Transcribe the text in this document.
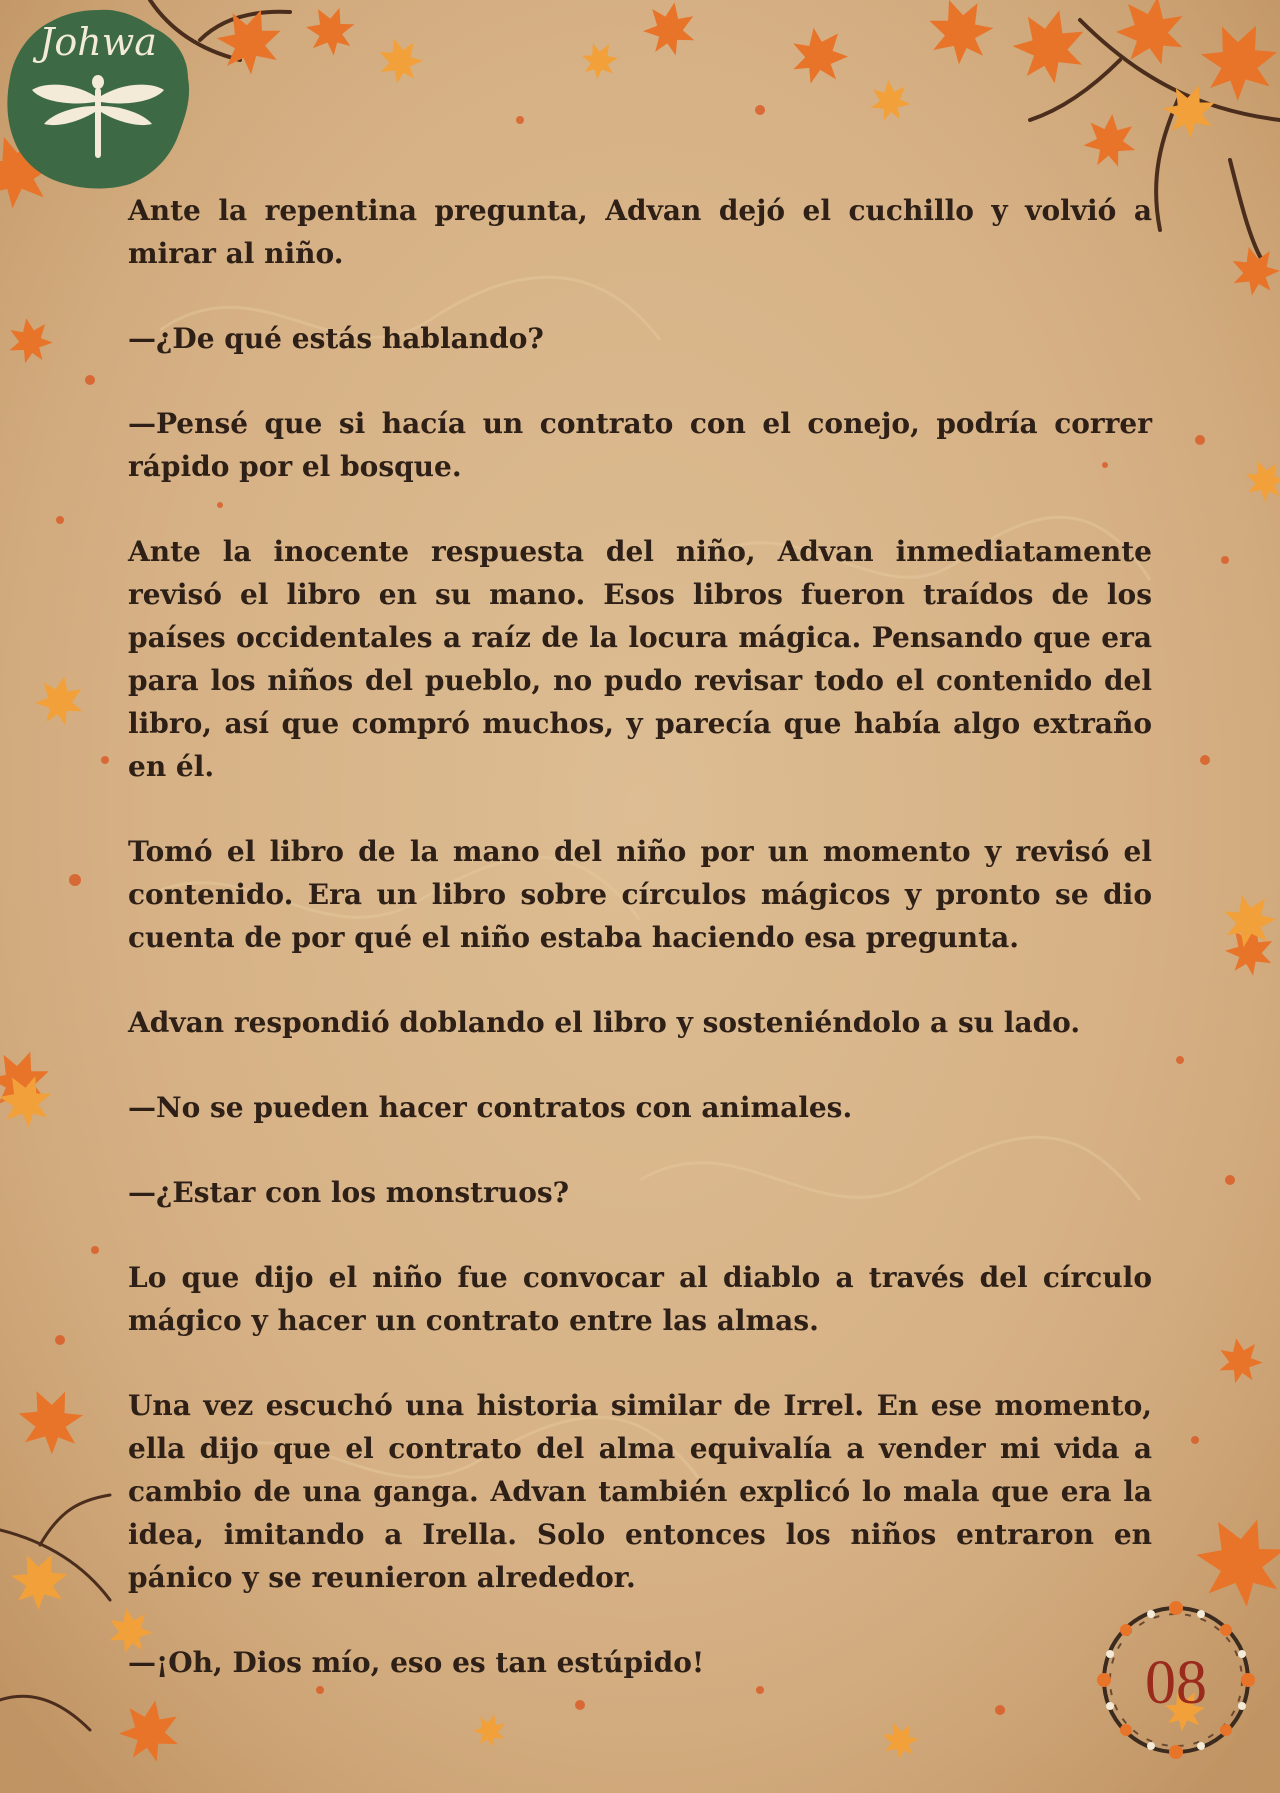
Johwa

Ante la repentina pregunta, Advan dejó el cuchillo y volvió a mirar al niño.

—¿De qué estás hablando?

—Pensé que si hacía un contrato con el conejo, podría correr rápido por el bosque.

Ante la inocente respuesta del niño, Advan inmediatamente revisó el libro en su mano. Esos libros fueron traídos de los países occidentales a raíz de la locura mágica. Pensando que era para los niños del pueblo, no pudo revisar todo el contenido del libro, así que compró muchos, y parecía que había algo extraño en él.

Tomó el libro de la mano del niño por un momento y revisó el contenido. Era un libro sobre círculos mágicos y pronto se dio cuenta de por qué el niño estaba haciendo esa pregunta.

Advan respondió doblando el libro y sosteniéndolo a su lado.

—No se pueden hacer contratos con animales.

—¿Estar con los monstruos?

Lo que dijo el niño fue convocar al diablo a través del círculo mágico y hacer un contrato entre las almas.

Una vez escuchó una historia similar de Irrel. En ese momento, ella dijo que el contrato del alma equivalía a vender mi vida a cambio de una ganga. Advan también explicó lo mala que era la idea, imitando a Irella. Solo entonces los niños entraron en pánico y se reunieron alrededor.

—¡Oh, Dios mío, eso es tan estúpido!	08
